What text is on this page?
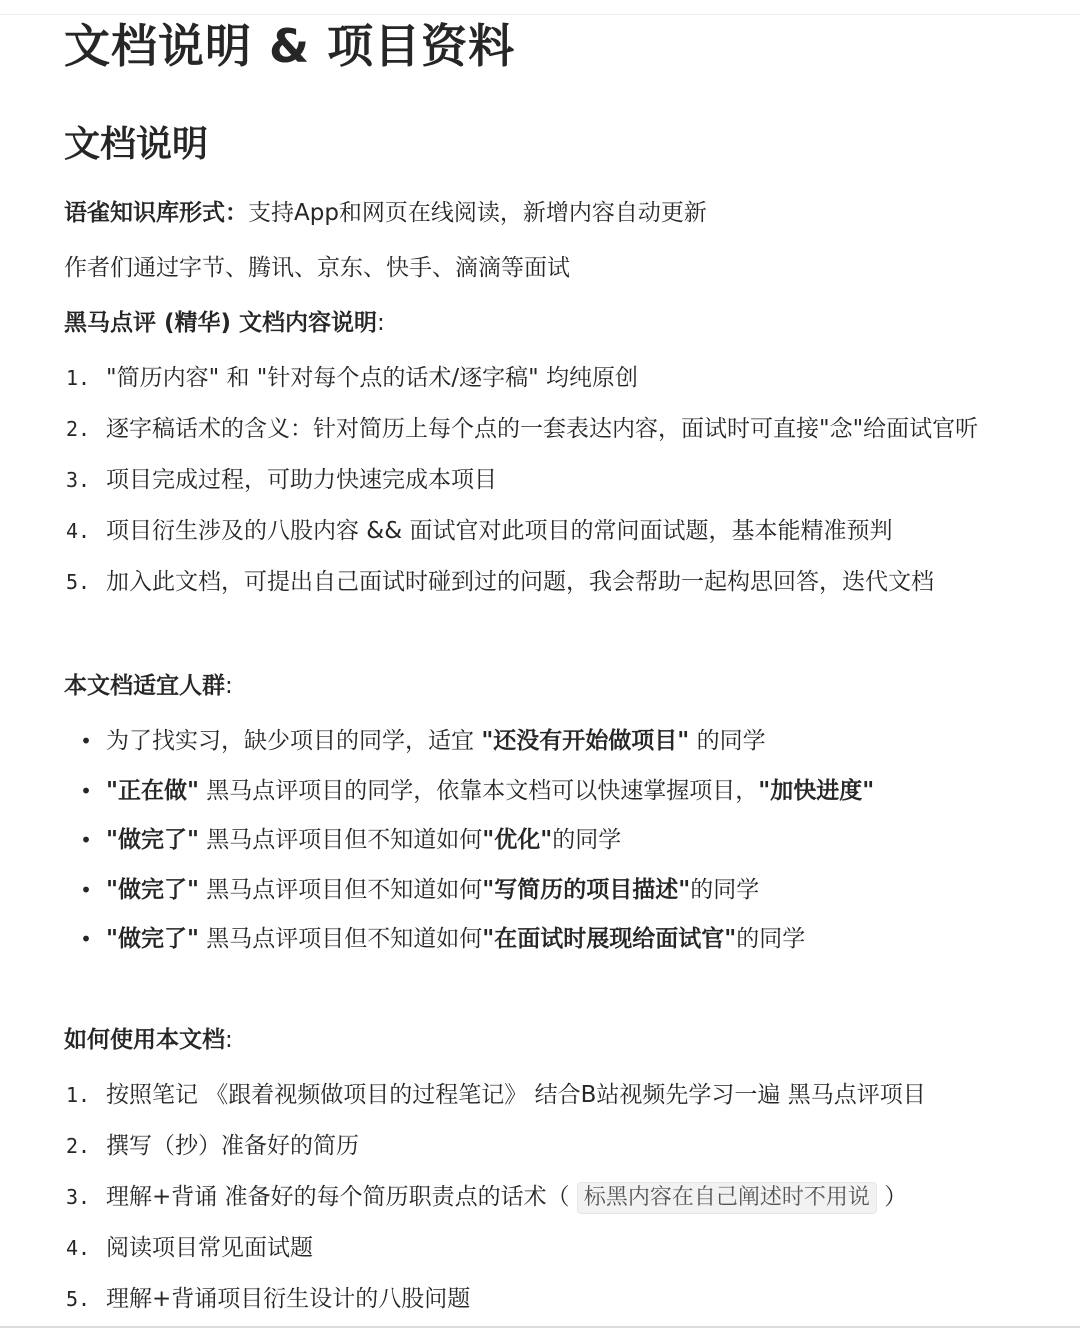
文档说明 & 项目资料
文档说明
语雀知识库形式：支持App和网页在线阅读，新增内容自动更新
作者们通过字节、腾讯、京东、快手、滴滴等面试
黑马点评 (精华) 文档内容说明:
1. "简历内容" 和 "针对每个点的话术/逐字稿" 均纯原创
2. 逐字稿话术的含义：针对简历上每个点的一套表达内容，面试时可直接"念"给面试官听
3. 项目完成过程，可助力快速完成本项目
4. 项目衍生涉及的八股内容 && 面试官对此项目的常问面试题，基本能精准预判
5. 加入此文档，可提出自己面试时碰到过的问题，我会帮助一起构思回答，迭代文档
本文档适宜人群:
• 为了找实习，缺少项目的同学，适宜 "还没有开始做项目" 的同学
• "正在做" 黑马点评项目的同学，依靠本文档可以快速掌握项目，"加快进度"
• "做完了" 黑马点评项目但不知道如何"优化"的同学
• "做完了" 黑马点评项目但不知道如何"写简历的项目描述"的同学
• "做完了" 黑马点评项目但不知道如何"在面试时展现给面试官"的同学
如何使用本文档:
1. 按照笔记 《跟着视频做项目的过程笔记》 结合B站视频先学习一遍 黑马点评项目
2. 撰写（抄）准备好的简历
3. 理解+背诵 准备好的每个简历职责点的话术（ 标黑内容在自己阐述时不用说 ）
4. 阅读项目常见面试题
5. 理解+背诵项目衍生设计的八股问题
